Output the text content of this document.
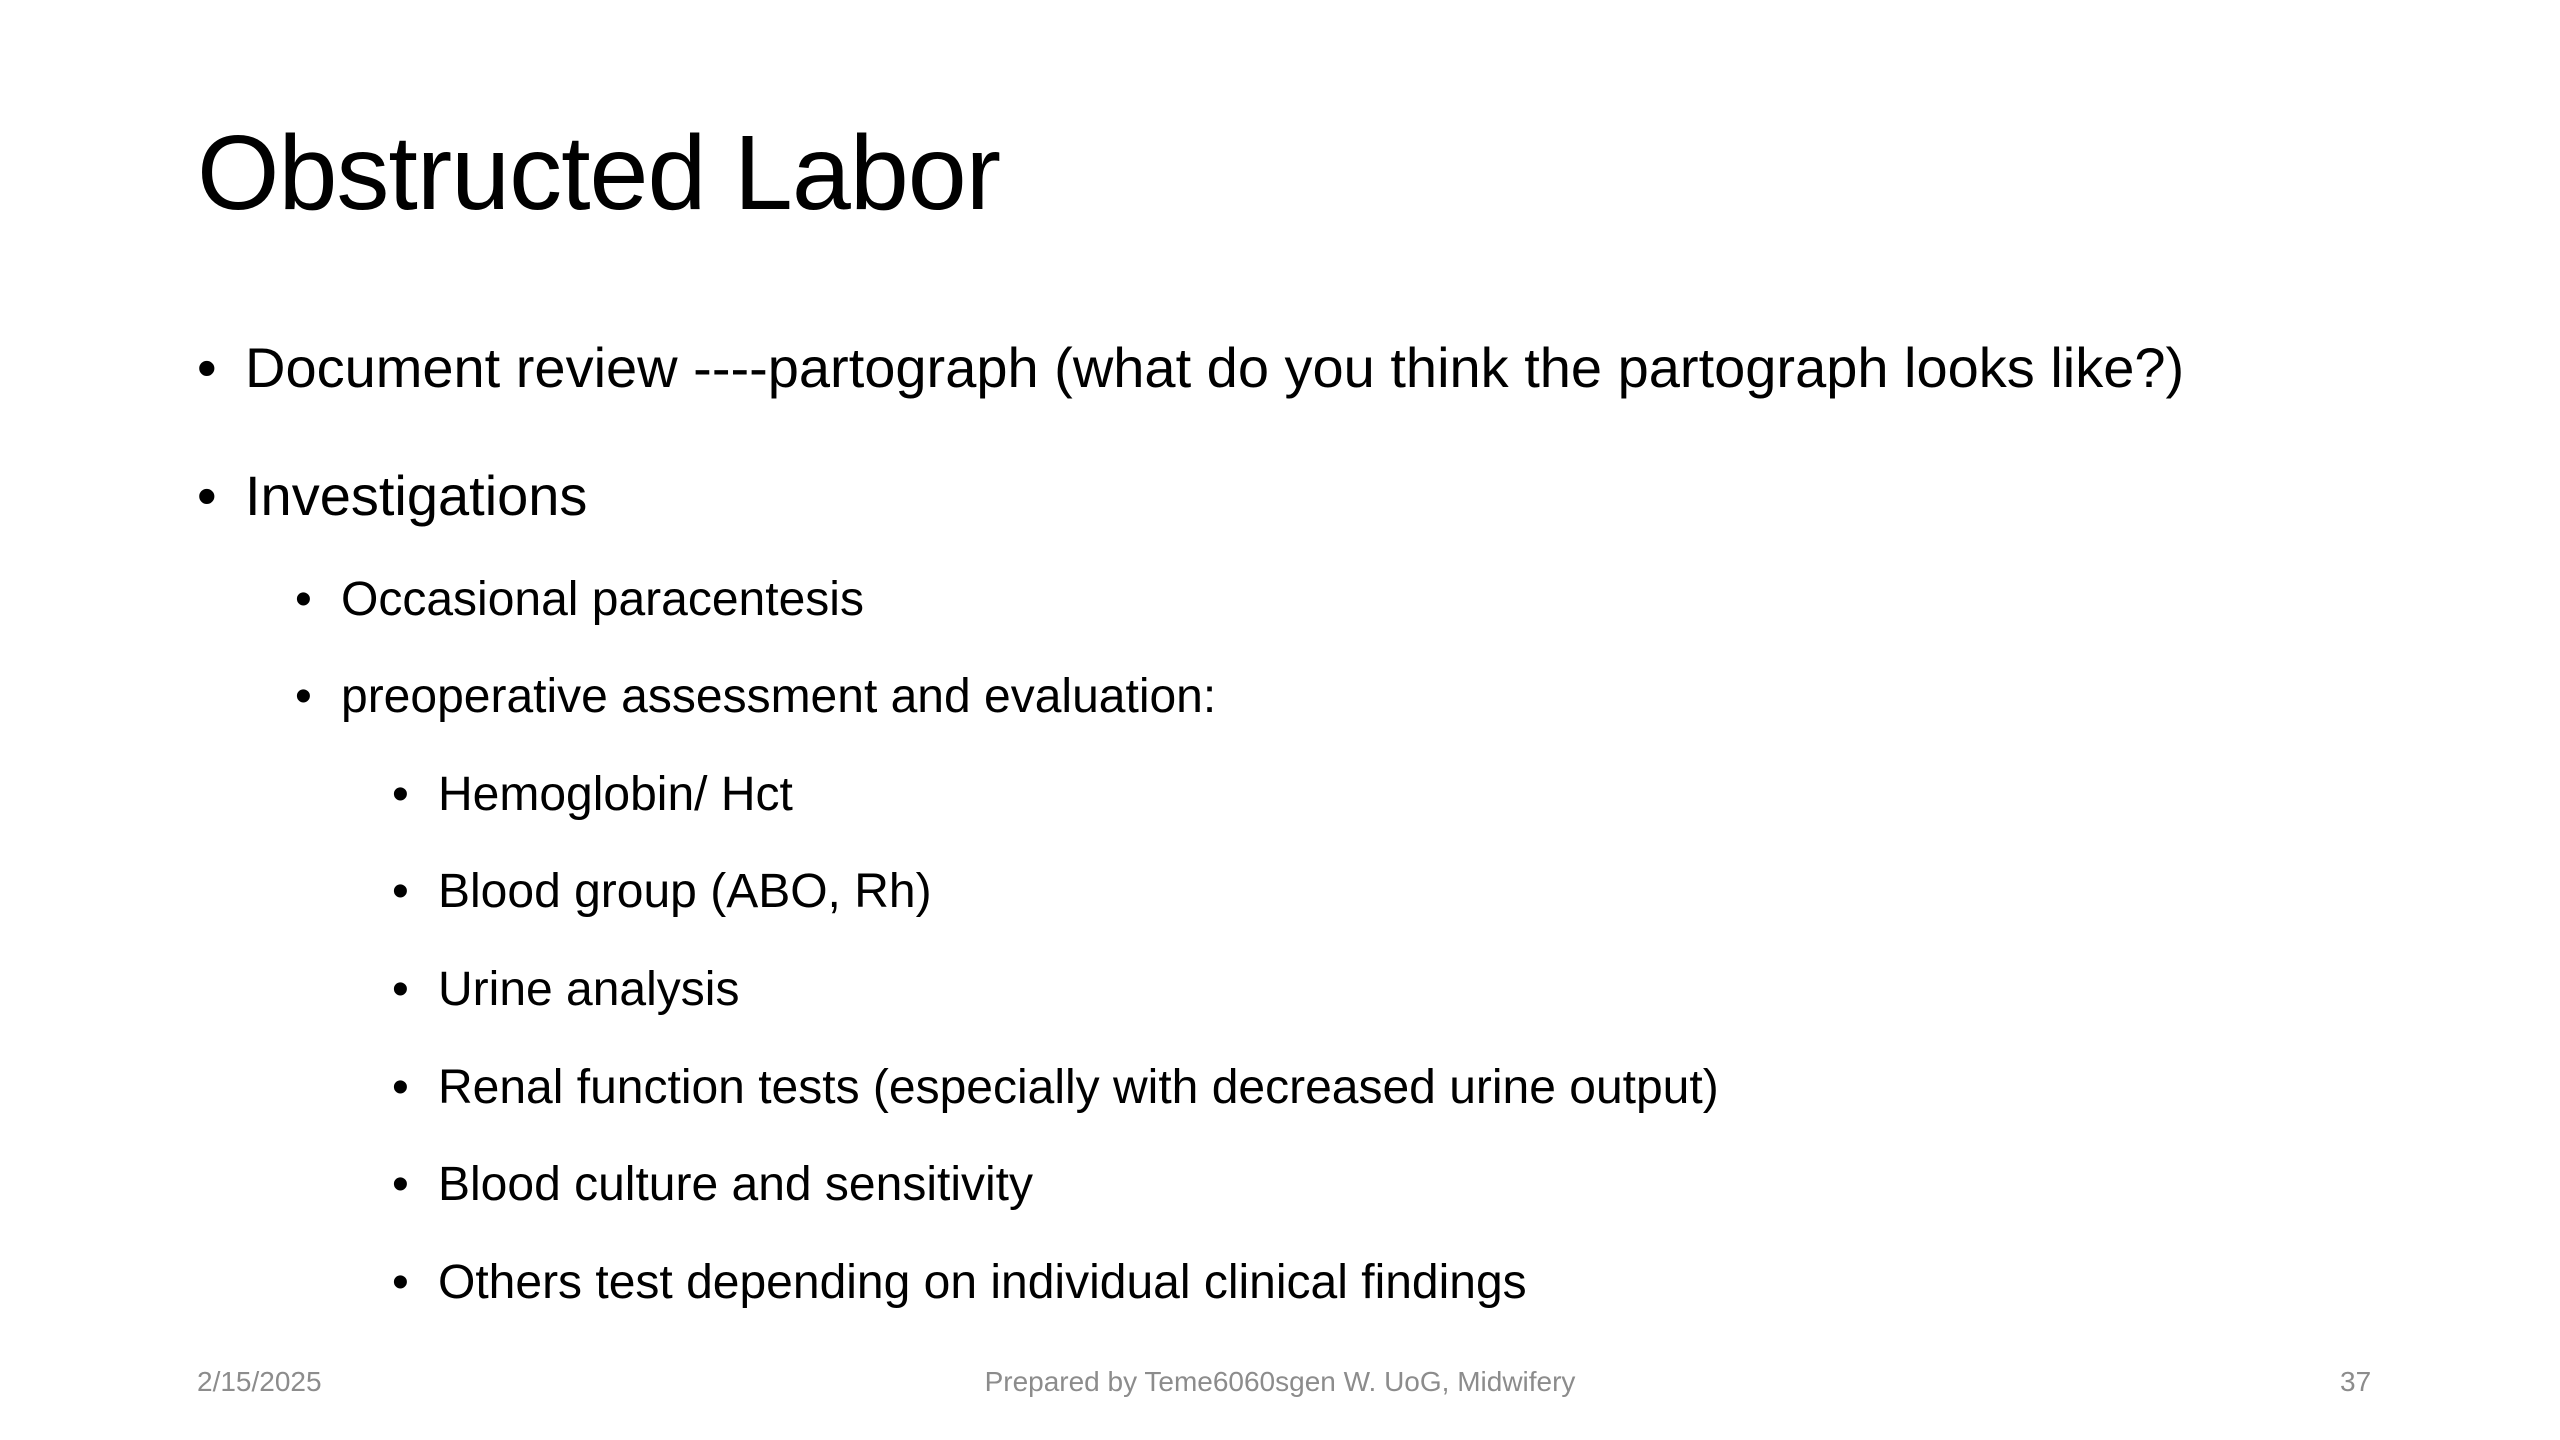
Obstructed Labor
• Document review ----partograph (what do you think the partograph looks like?)
• Investigations
• Occasional paracentesis
• preoperative assessment and evaluation:
• Hemoglobin/ Hct
• Blood group (ABO, Rh)
• Urine analysis
• Renal function tests (especially with decreased urine output)
• Blood culture and sensitivity
• Others test depending on individual clinical findings
2/15/2025	Prepared by Teme6060sgen W. UoG, Midwifery	37
